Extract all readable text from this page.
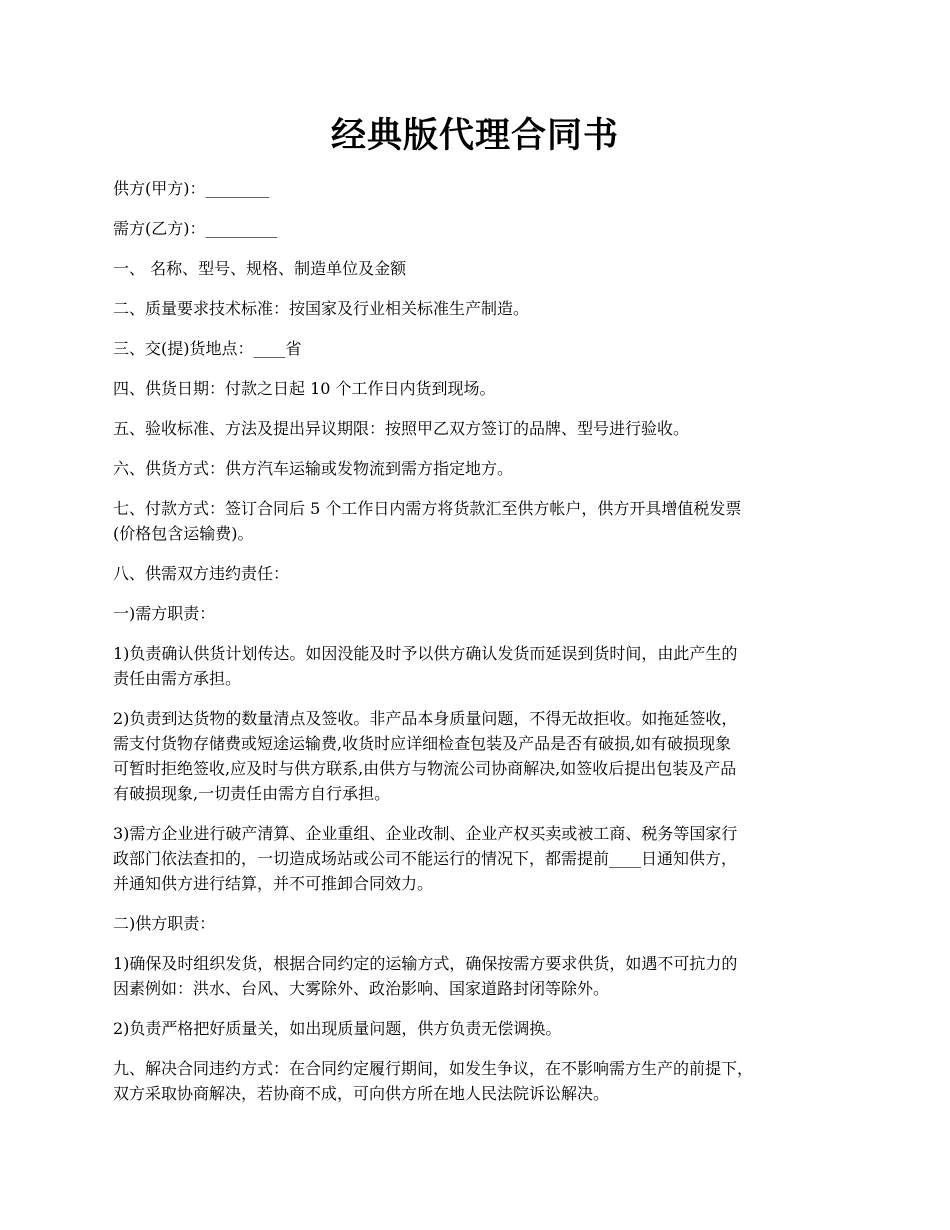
经典版代理合同书

供方(甲方)：________

需方(乙方)：_________

一、 名称、型号、规格、制造单位及金额

二、质量要求技术标准：按国家及行业相关标准生产制造。

三、交(提)货地点：____省

四、供货日期：付款之日起 10 个工作日内货到现场。

五、验收标准、方法及提出异议期限：按照甲乙双方签订的品牌、型号进行验收。

六、供货方式：供方汽车运输或发物流到需方指定地方。

七、付款方式：签订合同后 5 个工作日内需方将货款汇至供方帐户，供方开具增值税发票
(价格包含运输费)。

八、供需双方违约责任：

一)需方职责：

1)负责确认供货计划传达。如因没能及时予以供方确认发货而延误到货时间，由此产生的
责任由需方承担。

2)负责到达货物的数量清点及签收。非产品本身质量问题，不得无故拒收。如拖延签收，
需支付货物存储费或短途运输费,收货时应详细检查包装及产品是否有破损,如有破损现象
可暂时拒绝签收,应及时与供方联系,由供方与物流公司协商解决,如签收后提出包装及产品
有破损现象,一切责任由需方自行承担。

3)需方企业进行破产清算、企业重组、企业改制、企业产权买卖或被工商、税务等国家行
政部门依法查扣的，一切造成场站或公司不能运行的情况下，都需提前____日通知供方，
并通知供方进行结算，并不可推卸合同效力。

二)供方职责：

1)确保及时组织发货，根据合同约定的运输方式，确保按需方要求供货，如遇不可抗力的
因素例如：洪水、台风、大雾除外、政治影响、国家道路封闭等除外。

2)负责严格把好质量关，如出现质量问题，供方负责无偿调换。

九、解决合同违约方式：在合同约定履行期间，如发生争议，在不影响需方生产的前提下，
双方采取协商解决，若协商不成，可向供方所在地人民法院诉讼解决。
